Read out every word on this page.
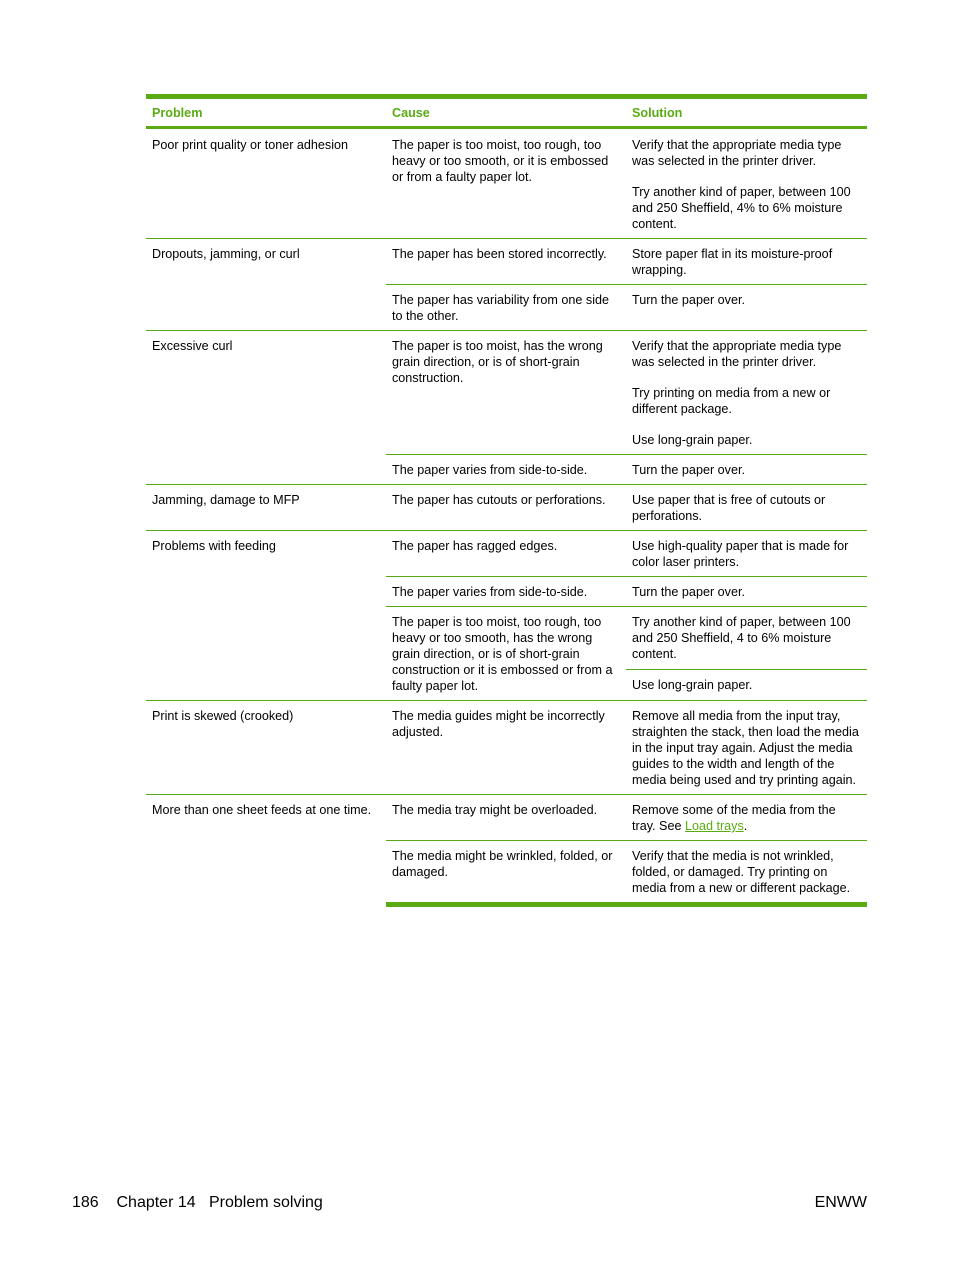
Problem	Cause	Solution
Poor print quality or toner adhesion	The paper is too moist, too rough, too heavy or too smooth, or it is embossed or from a faulty paper lot.	Verify that the appropriate media type was selected in the printer driver.

Try another kind of paper, between 100 and 250 Sheffield, 4% to 6% moisture content.

Dropouts, jamming, or curl	The paper has been stored incorrectly.	Store paper flat in its moisture-proof wrapping.

	The paper has variability from one side to the other.	Turn the paper over.

Excessive curl	The paper is too moist, has the wrong grain direction, or is of short-grain construction.	Verify that the appropriate media type was selected in the printer driver.

Try printing on media from a new or different package.

Use long-grain paper.

	The paper varies from side-to-side.	Turn the paper over.

Jamming, damage to MFP	The paper has cutouts or perforations.	Use paper that is free of cutouts or perforations.

Problems with feeding	The paper has ragged edges.	Use high-quality paper that is made for color laser printers.

	The paper varies from side-to-side.	Turn the paper over.

	The paper is too moist, too rough, too heavy or too smooth, has the wrong grain direction, or is of short-grain construction or it is embossed or from a faulty paper lot.	Try another kind of paper, between 100 and 250 Sheffield, 4 to 6% moisture content.

		Use long-grain paper.

Print is skewed (crooked)	The media guides might be incorrectly adjusted.	Remove all media from the input tray, straighten the stack, then load the media in the input tray again. Adjust the media guides to the width and length of the media being used and try printing again.

More than one sheet feeds at one time.	The media tray might be overloaded.	Remove some of the media from the tray. See Load trays.

	The media might be wrinkled, folded, or damaged.	Verify that the media is not wrinkled, folded, or damaged. Try printing on media from a new or different package.

186 Chapter 14 Problem solving	ENWW
